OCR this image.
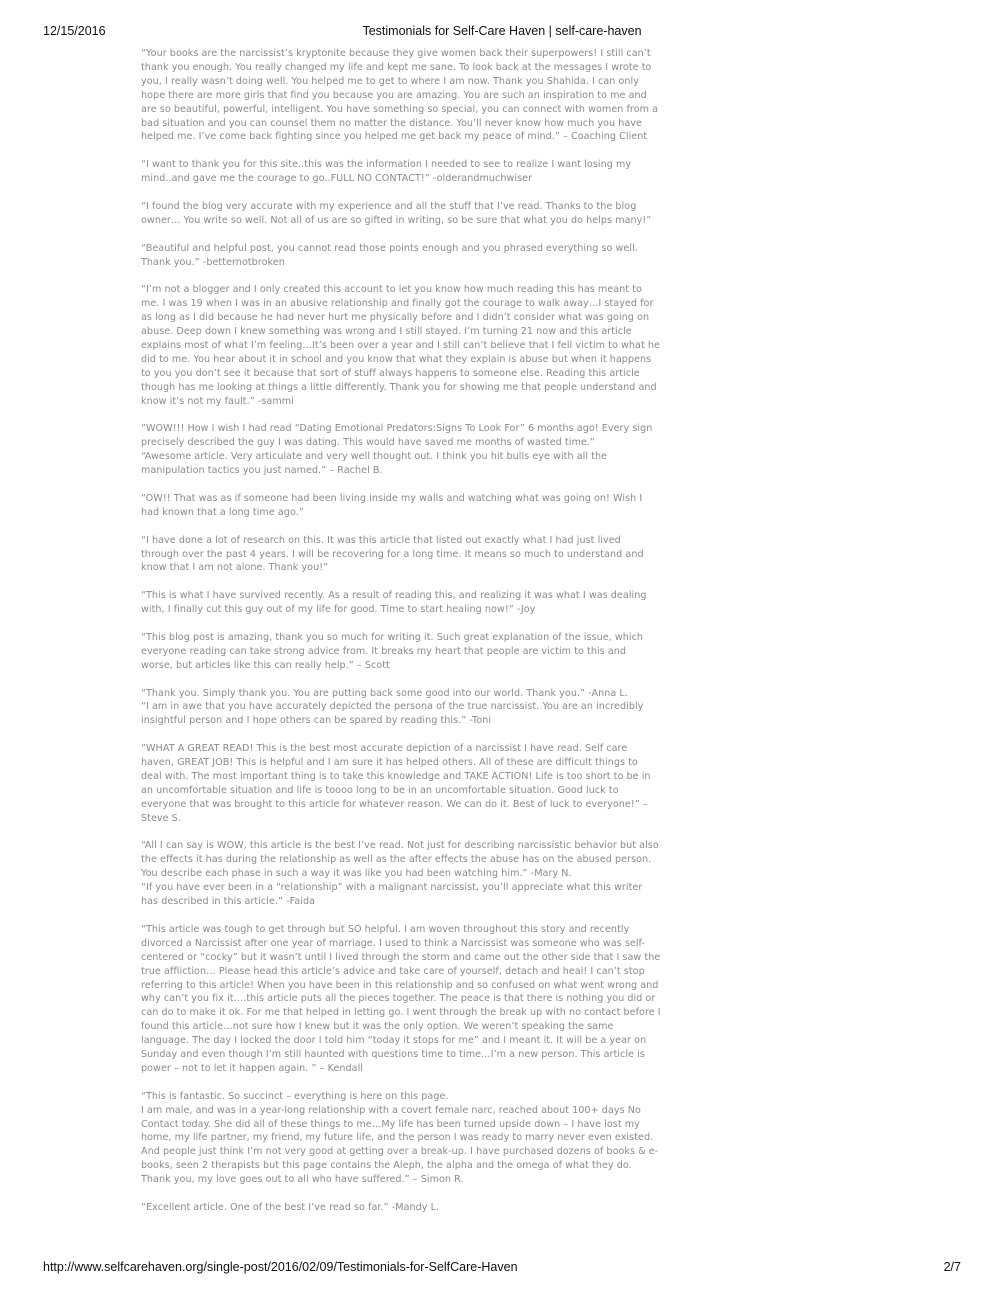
12/15/2016	Testimonials for Self-Care Haven | self-care-haven

“Your books are the narcissist’s kryptonite because they give women back their superpowers! I still can’t thank you enough. You really changed my life and kept me sane. To look back at the messages I wrote to you, I really wasn’t doing well. You helped me to get to where I am now. Thank you Shahida. I can only hope there are more girls that find you because you are amazing. You are such an inspiration to me and are so beautiful, powerful, intelligent. You have something so special, you can connect with women from a bad situation and you can counsel them no matter the distance. You’ll never know how much you have helped me. I’ve come back fighting since you helped me get back my peace of mind.” – Coaching Client

“I want to thank you for this site..this was the information I needed to see to realize I want losing my mind..and gave me the courage to go..FULL NO CONTACT!” -olderandmuchwiser

“I found the blog very accurate with my experience and all the stuff that I’ve read. Thanks to the blog owner… You write so well. Not all of us are so gifted in writing, so be sure that what you do helps many!”

“Beautiful and helpful post, you cannot read those points enough and you phrased everything so well. Thank you.” -betternotbroken

“I’m not a blogger and I only created this account to let you know how much reading this has meant to me. I was 19 when I was in an abusive relationship and finally got the courage to walk away…I stayed for as long as I did because he had never hurt me physically before and I didn’t consider what was going on abuse. Deep down I knew something was wrong and I still stayed. I’m turning 21 now and this article explains most of what I’m feeling…It’s been over a year and I still can’t believe that I fell victim to what he did to me. You hear about it in school and you know that what they explain is abuse but when it happens to you you don’t see it because that sort of stuff always happens to someone else. Reading this article though has me looking at things a little differently. Thank you for showing me that people understand and know it’s not my fault.” -sammi

“WOW!!! How I wish I had read “Dating Emotional Predators:Signs To Look For” 6 months ago! Every sign precisely described the guy I was dating. This would have saved me months of wasted time.”
“Awesome article. Very articulate and very well thought out. I think you hit bulls eye with all the manipulation tactics you just named.” – Rachel B.

“OW!! That was as if someone had been living inside my walls and watching what was going on! Wish I had known that a long time ago.”

“I have done a lot of research on this. It was this article that listed out exactly what I had just lived through over the past 4 years. I will be recovering for a long time. It means so much to understand and know that I am not alone. Thank you!”

“This is what I have survived recently. As a result of reading this, and realizing it was what I was dealing with, I finally cut this guy out of my life for good. Time to start healing now!” -Joy

“This blog post is amazing, thank you so much for writing it. Such great explanation of the issue, which everyone reading can take strong advice from. It breaks my heart that people are victim to this and worse, but articles like this can really help.” – Scott

“Thank you. Simply thank you. You are putting back some good into our world. Thank you.” -Anna L.
“I am in awe that you have accurately depicted the persona of the true narcissist. You are an incredibly insightful person and I hope others can be spared by reading this.” -Toni

“WHAT A GREAT READ! This is the best most accurate depiction of a narcissist I have read. Self care haven, GREAT JOB! This is helpful and I am sure it has helped others. All of these are difficult things to deal with. The most important thing is to take this knowledge and TAKE ACTION! Life is too short to be in an uncomfortable situation and life is toooo long to be in an uncomfortable situation. Good luck to everyone that was brought to this article for whatever reason. We can do it. Best of luck to everyone!” – Steve S.

“All I can say is WOW, this article is the best I’ve read. Not just for describing narcissistic behavior but also the effects it has during the relationship as well as the after effects the abuse has on the abused person. You describe each phase in such a way it was like you had been watching him.” -Mary N.
“If you have ever been in a “relationship” with a malignant narcissist, you’ll appreciate what this writer has described in this article.” -Faida

“This article was tough to get through but SO helpful. I am woven throughout this story and recently divorced a Narcissist after one year of marriage. I used to think a Narcissist was someone who was self-centered or “cocky” but it wasn’t until I lived through the storm and came out the other side that I saw the true affliction… Please head this article’s advice and take care of yourself, detach and heal! I can’t stop referring to this article! When you have been in this relationship and so confused on what went wrong and why can’t you fix it….this article puts all the pieces together. The peace is that there is nothing you did or can do to make it ok. For me that helped in letting go. I went through the break up with no contact before I found this article…not sure how I knew but it was the only option. We weren’t speaking the same language. The day I locked the door I told him “today it stops for me” and I meant it. It will be a year on Sunday and even though I’m still haunted with questions time to time…I’m a new person. This article is power – not to let it happen again. ” – Kendall

“This is fantastic. So succinct – everything is here on this page.
I am male, and was in a year-long relationship with a covert female narc, reached about 100+ days No Contact today. She did all of these things to me…My life has been turned upside down – I have lost my home, my life partner, my friend, my future life, and the person I was ready to marry never even existed. And people just think I’m not very good at getting over a break-up. I have purchased dozens of books & e-books, seen 2 therapists but this page contains the Aleph, the alpha and the omega of what they do. Thank you, my love goes out to all who have suffered.” – Simon R.

“Excellent article. One of the best I’ve read so far.” -Mandy L.

http://www.selfcarehaven.org/single-post/2016/02/09/Testimonials-for-SelfCare-Haven	2/7
